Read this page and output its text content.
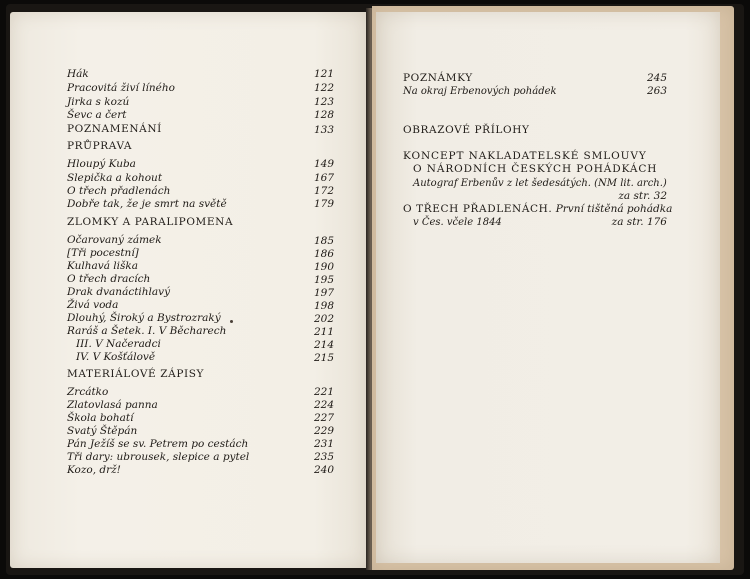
Hák	121
Pracovitá živí líného	122
Jirka s kozú	123
Ševc a čert	128
POZNAMENÁNÍ	133
PRŮPRAVA
Hloupý Kuba	149
Slepička a kohout	167
O třech přadlenách	172
Dobře tak, že je smrt na světě	179
ZLOMKY A PARALIPOMENA
Očarovaný zámek	185
[Tři pocestní]	186
Kulhavá liška	190
O třech dracích	195
Drak dvanáctihlavý	197
Živá voda	198
Dlouhý, Široký a Bystrozraký	202
Raráš a Šetek. I. V Běcharech	211
III. V Načeradci	214
IV. V Košťálově	215
MATERIÁLOVÉ ZÁPISY
Zrcátko	221
Zlatovlasá panna	224
Škola bohatí	227
Svatý Štěpán	229
Pán Ježíš se sv. Petrem po cestách	231
Tři dary: ubrousek, slepice a pytel	235
Kozo, drž!	240
POZNÁMKY	245
Na okraj Erbenových pohádek	263
OBRAZOVÉ PŘÍLOHY
KONCEPT NAKLADATELSKÉ SMLOUVY
O NÁRODNÍCH ČESKÝCH POHÁDKÁCH
Autograf Erbenův z let šedesátých. (NM lit. arch.)
za str. 32
O TŘECH PŘADLENÁCH. První tištěná pohádka
v Čes. včele 1844	za str. 176
